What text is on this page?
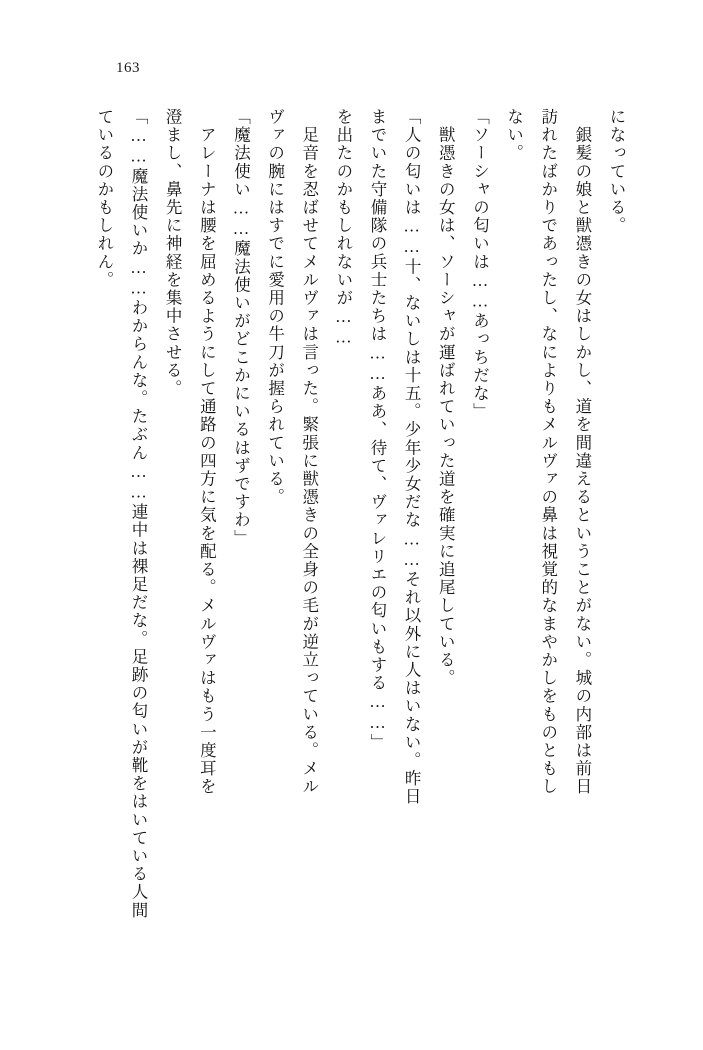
163

になっている。

　銀髪の娘と獣憑きの女はしかし、道を間違えるということがない。城の内部は前日

訪れたばかりであったし、なによりもメルヴァの鼻は視覚的なまやかしをものともし

ない。

「ソーシャの匂いは……あっちだな」

　獣憑きの女は、ソーシャが運ばれていった道を確実に追尾している。

「人の匂いは……十、ないしは十五。少年少女だな……それ以外に人はいない。昨日

までいた守備隊の兵士たちは……ああ、待て、ヴァレリエの匂いもする……」

を出たのかもしれないが……

　足音を忍ばせてメルヴァは言った。緊張に獣憑きの全身の毛が逆立っている。メル

ヴァの腕にはすでに愛用の牛刀が握られている。

「魔法使い……魔法使いがどこかにいるはずですわ」

　アレーナは腰を屈めるようにして通路の四方に気を配る。メルヴァはもう一度耳を

澄まし、鼻先に神経を集中させる。

「……魔法使いか……わからんな。たぶん……連中は裸足だな。足跡の匂いが靴をはいている人間

ているのかもしれん。
